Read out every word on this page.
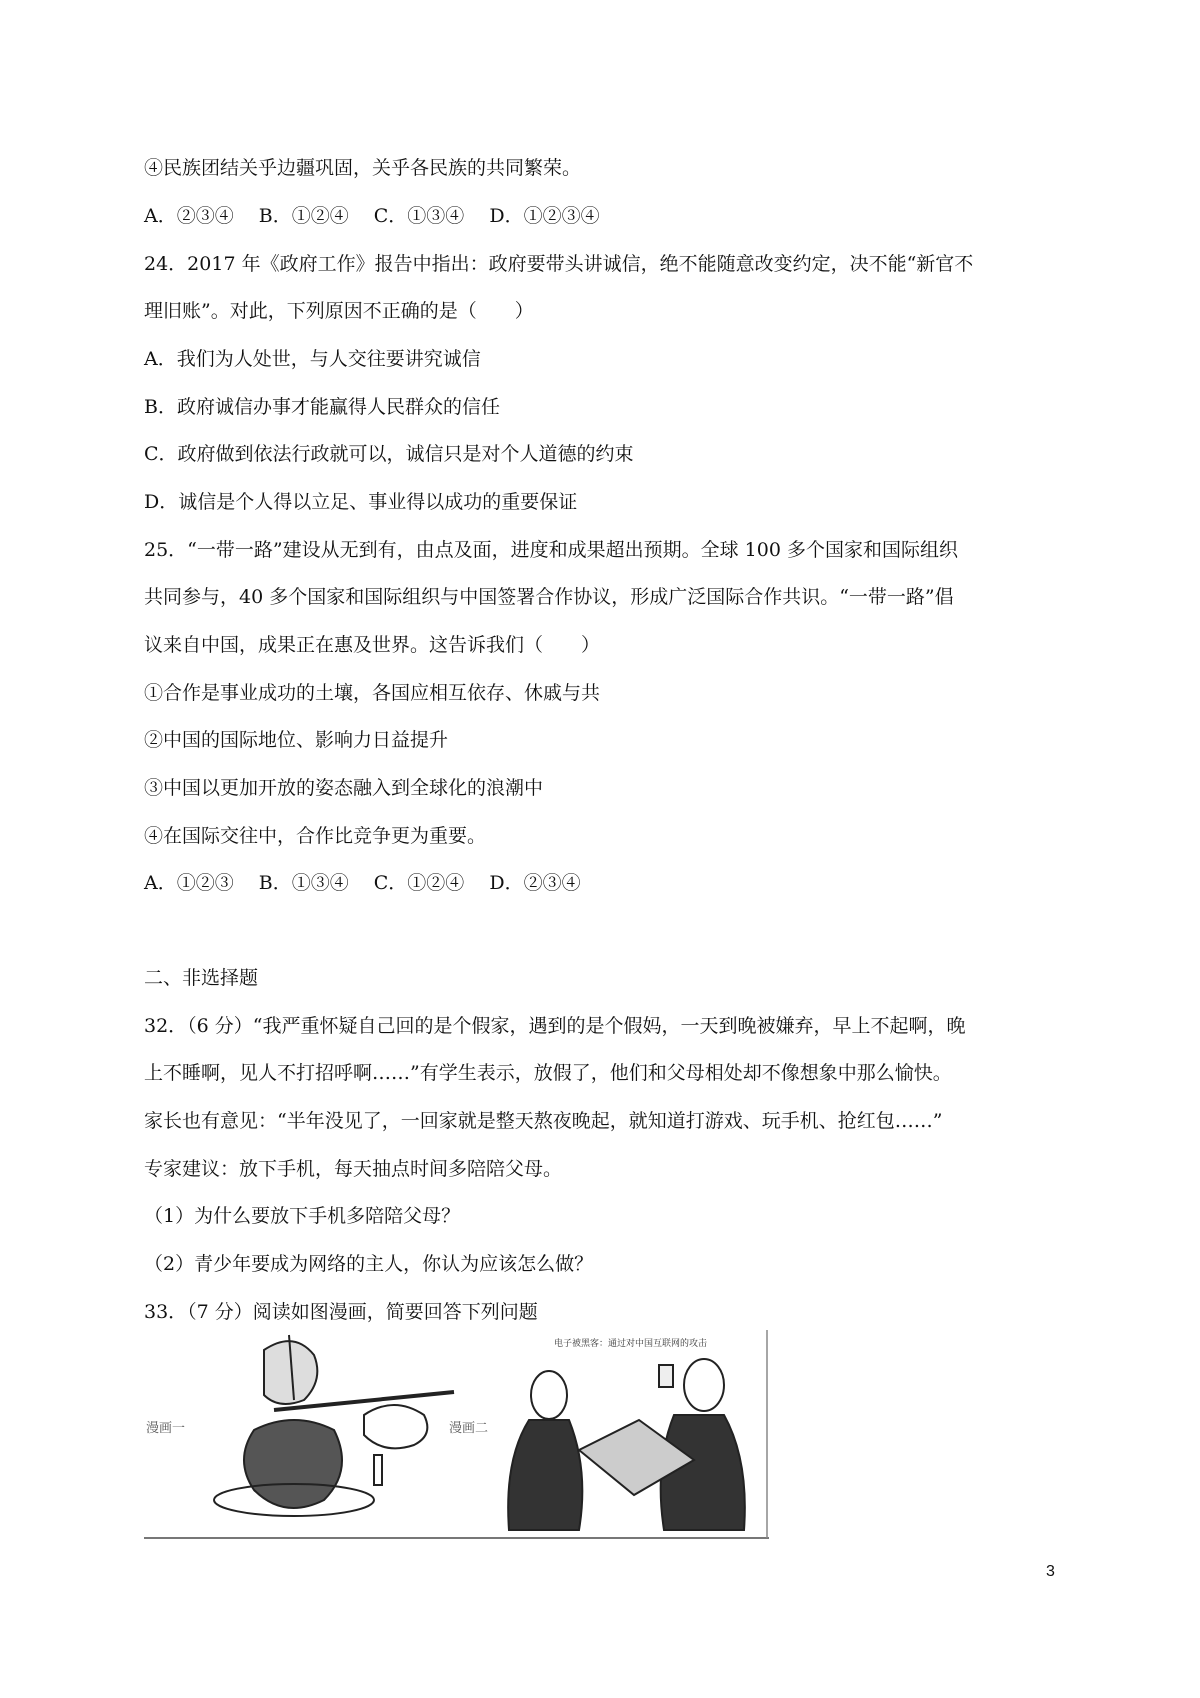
④民族团结关乎边疆巩固，关乎各民族的共同繁荣。
A．②③④　 B．①②④　 C．①③④　 D．①②③④
24．2017 年《政府工作》报告中指出：政府要带头讲诚信，绝不能随意改变约定，决不能“新官不
理旧账”。对此，下列原因不正确的是（　　）
A．我们为人处世，与人交往要讲究诚信
B．政府诚信办事才能赢得人民群众的信任
C．政府做到依法行政就可以，诚信只是对个人道德的约束
D．诚信是个人得以立足、事业得以成功的重要保证
25．“一带一路”建设从无到有，由点及面，进度和成果超出预期。全球 100 多个国家和国际组织
共同参与，40 多个国家和国际组织与中国签署合作协议，形成广泛国际合作共识。“一带一路”倡
议来自中国，成果正在惠及世界。这告诉我们（　　）
①合作是事业成功的土壤，各国应相互依存、休戚与共
②中国的国际地位、影响力日益提升
③中国以更加开放的姿态融入到全球化的浪潮中
④在国际交往中，合作比竞争更为重要。
A．①②③　 B．①③④　 C．①②④　 D．②③④
二、非选择题
32．（6 分）“我严重怀疑自己回的是个假家，遇到的是个假妈，一天到晚被嫌弃，早上不起啊，晚
上不睡啊，见人不打招呼啊……”有学生表示，放假了，他们和父母相处却不像想象中那么愉快。
家长也有意见：“半年没见了，一回家就是整天熬夜晚起，就知道打游戏、玩手机、抢红包……”
专家建议：放下手机，每天抽点时间多陪陪父母。
（1）为什么要放下手机多陪陪父母？
（2）青少年要成为网络的主人，你认为应该怎么做？
33．（7 分）阅读如图漫画，简要回答下列问题
漫画一	漫画二
电子被黑客：通过对中国互联网的攻击
3
